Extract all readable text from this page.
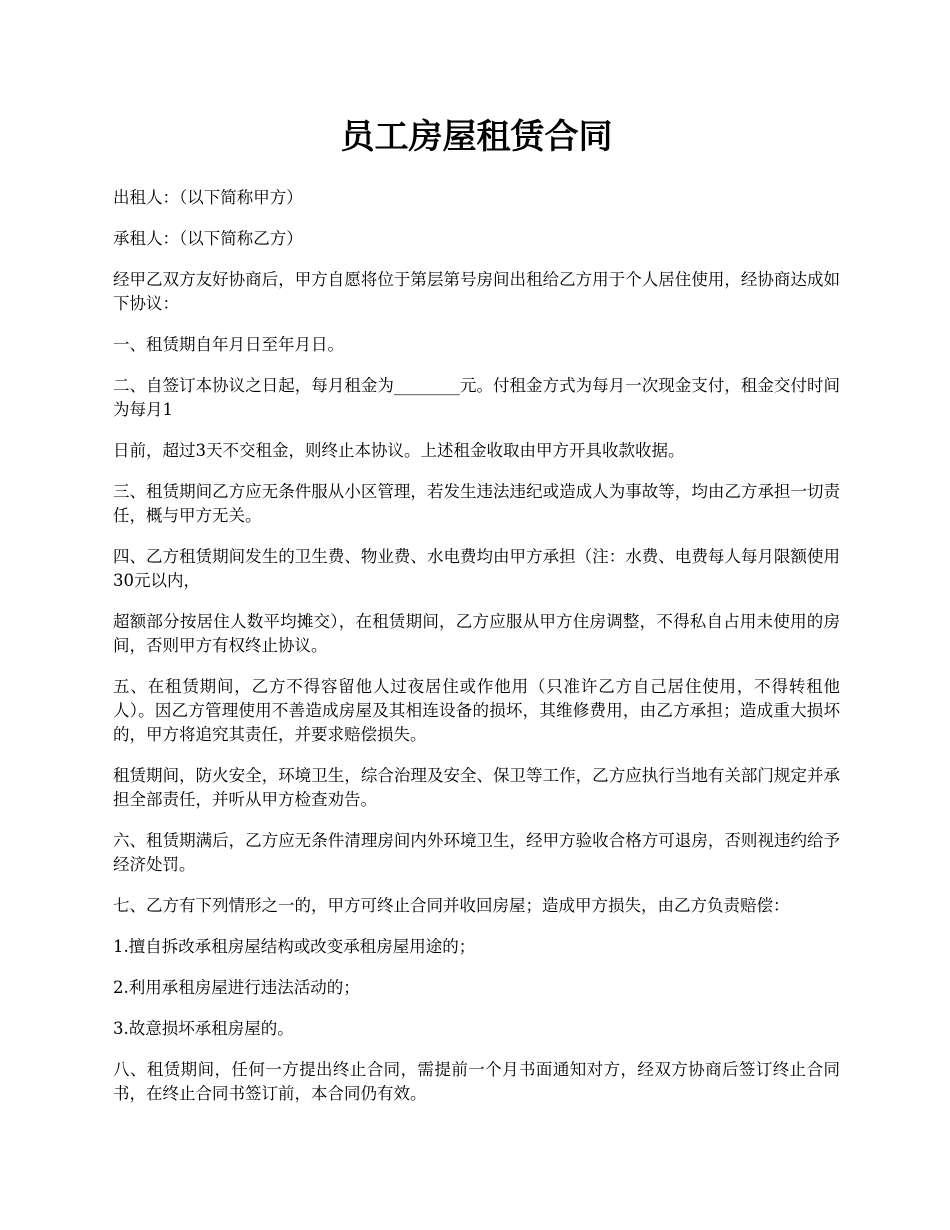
员工房屋租赁合同

出租人：（以下简称甲方）

承租人：（以下简称乙方）

经甲乙双方友好协商后，甲方自愿将位于第层第号房间出租给乙方用于个人居住使用，经协商达成如下协议：

一、租赁期自年月日至年月日。

二、自签订本协议之日起，每月租金为________元。付租金方式为每月一次现金支付，租金交付时间为每月1

日前，超过3天不交租金，则终止本协议。上述租金收取由甲方开具收款收据。

三、租赁期间乙方应无条件服从小区管理，若发生违法违纪或造成人为事故等，均由乙方承担一切责任，概与甲方无关。

四、乙方租赁期间发生的卫生费、物业费、水电费均由甲方承担（注：水费、电费每人每月限额使用30元以内，

超额部分按居住人数平均摊交），在租赁期间，乙方应服从甲方住房调整，不得私自占用未使用的房间，否则甲方有权终止协议。

五、在租赁期间，乙方不得容留他人过夜居住或作他用（只准许乙方自己居住使用，不得转租他人）。因乙方管理使用不善造成房屋及其相连设备的损坏，其维修费用，由乙方承担；造成重大损坏的，甲方将追究其责任，并要求赔偿损失。

租赁期间，防火安全，环境卫生，综合治理及安全、保卫等工作，乙方应执行当地有关部门规定并承担全部责任，并听从甲方检查劝告。

六、租赁期满后，乙方应无条件清理房间内外环境卫生，经甲方验收合格方可退房，否则视违约给予经济处罚。

七、乙方有下列情形之一的，甲方可终止合同并收回房屋；造成甲方损失，由乙方负责赔偿：

1.擅自拆改承租房屋结构或改变承租房屋用途的；

2.利用承租房屋进行违法活动的；

3.故意损坏承租房屋的。

八、租赁期间，任何一方提出终止合同，需提前一个月书面通知对方，经双方协商后签订终止合同书，在终止合同书签订前，本合同仍有效。
